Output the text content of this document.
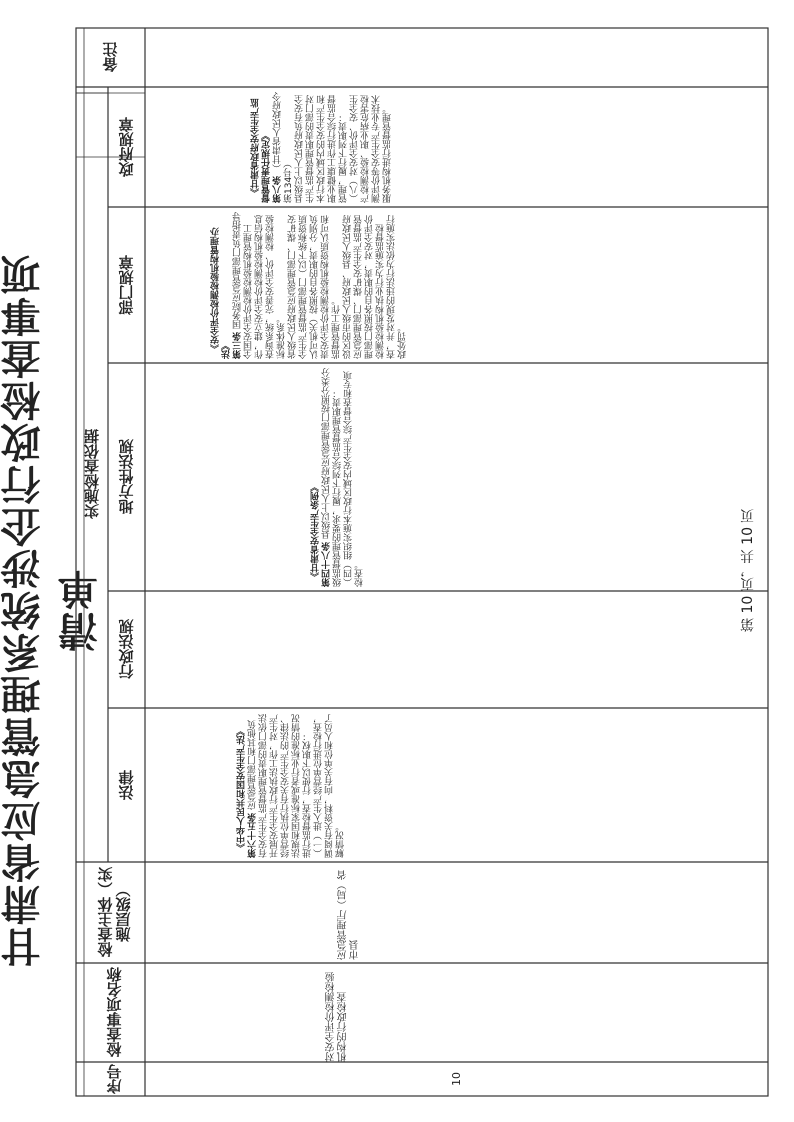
甘肃省应急管理系统涉企行政检查事项清单
序号
检查事项名称
检查主体（实施层级）
实施检查依据
法律
行政法规
地方性法规
部门规章
政府规章
备注
10
对安全评价检测检验机构的行政检查
应急管理厅（局）省市县

《中华人民共和国安全生产法》
第六十五条 应急管理部门和其他负有安全生产监督管理职责的部门依法开展安全生产行政执法工作，对生产经营单位执行有关安全生产的法律、法规和国家标准或者行业标准的情况进行监督检查，行使以下职权：
（一）进入生产经营单位进行检查，调阅有关资料，向有关单位和人员了解情况。

《甘肃省安全生产条例》
第四十八条 县级以上人民政府应急管理部门按照分类分级监督管理的要求，履行下列综合监督管理职责：
（四）组织实施本行政区域内安全生产综合督查和专项检查。

《安全评价检测检验机构管理办法》
第三条 国务院应急管理部门负责指导全国安全评价检测检验机构管理工作，建立安全评价检测检验机构信息查询系统，完善安全评价、检测检验标准体系。
省级人民政府应急管理部门、煤矿安全生产监督管理部门（以下统称资质认可机关）按照各自的职责，分别负责安全评价检测检验机构资质认可和监督管理工作。
设区的市级人民政府、县级人民政府应急管理部门、煤矿安全生产监督管理部门按照各自的职责，对安全评价检测检验机构执业行为实施监督检查，并对发现的违法行为依法实施行政处罚。

《甘肃省政府安全生产监督管理责任规定》
第八条 （甘肃省人民政府令第134号）
县级以上人民政府负有安全生产监督管理职责的部门对本行政区域内的安全生产和职业健康工作进行综合监督管理，履行下列职责：
（八）对安全评价、安全生产检测检验、职业病危害检测评价等安全生产专业技术服务机构进行监督管理。

第 10 页，共 10 页
